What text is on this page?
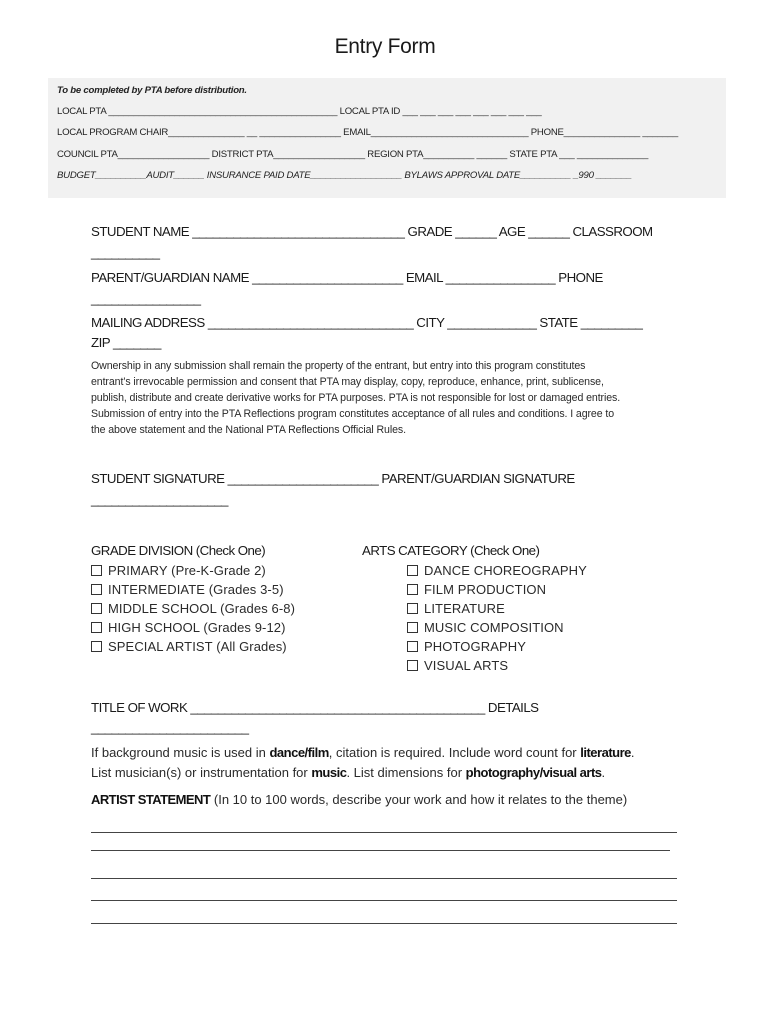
Entry Form
To be completed by PTA before distribution.
LOCAL PTA _____________________________________________ LOCAL PTA ID ___ ___ ___ ___ ___ ___ ___ ___
LOCAL PROGRAM CHAIR_______________ __ ________________ EMAIL_______________________________ PHONE_______________ _______
COUNCIL PTA__________________ DISTRICT PTA__________________ REGION PTA__________ ______ STATE PTA ___ ______________
BUDGET__________AUDIT______ INSURANCE PAID DATE__________________ BYLAWS APPROVAL DATE__________ _990 _______
STUDENT NAME _______________________________ GRADE ______ AGE ______ CLASSROOM
__________
PARENT/GUARDIAN NAME ______________________ EMAIL ________________ PHONE
________________
MAILING ADDRESS ______________________________ CITY _____________ STATE _________
ZIP _______
Ownership in any submission shall remain the property of the entrant, but entry into this program constitutes
entrant’s irrevocable permission and consent that PTA may display, copy, reproduce, enhance, print, sublicense,
publish, distribute and create derivative works for PTA purposes. PTA is not responsible for lost or damaged entries.
Submission of entry into the PTA Reflections program constitutes acceptance of all rules and conditions. I agree to
the above statement and the National PTA Reflections Official Rules.
STUDENT SIGNATURE ______________________ PARENT/GUARDIAN SIGNATURE
____________________
GRADE DIVISION (Check One)
PRIMARY (Pre-K-Grade 2)
INTERMEDIATE (Grades 3-5)
MIDDLE SCHOOL (Grades 6-8)
HIGH SCHOOL (Grades 9-12)
SPECIAL ARTIST (All Grades)
ARTS CATEGORY (Check One)
DANCE CHOREOGRAPHY
FILM PRODUCTION
LITERATURE
MUSIC COMPOSITION
PHOTOGRAPHY
VISUAL ARTS
TITLE OF WORK ___________________________________________ DETAILS
_______________________
If background music is used in dance/film, citation is required. Include word count for literature.
List musician(s) or instrumentation for music. List dimensions for photography/visual arts.
ARTIST STATEMENT (In 10 to 100 words, describe your work and how it relates to the theme)
